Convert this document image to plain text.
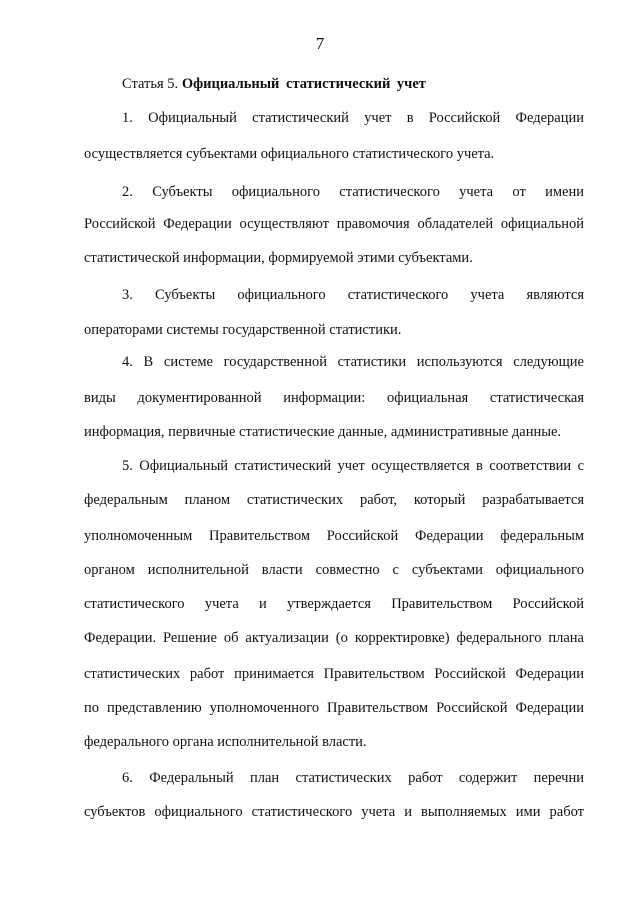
7
Статья 5. Официальный статистический учет
1. Официальный статистический учет в Российской Федерации
осуществляется субъектами официального статистического учета.
2. Субъекты официального статистического учета от имени
Российской Федерации осуществляют правомочия обладателей официальной
статистической информации, формируемой этими субъектами.
3. Субъекты официального статистического учета являются
операторами системы государственной статистики.
4. В системе государственной статистики используются следующие
виды документированной информации: официальная статистическая
информация, первичные статистические данные, административные данные.
5. Официальный статистический учет осуществляется в соответствии с
федеральным планом статистических работ, который разрабатывается
уполномоченным Правительством Российской Федерации федеральным
органом исполнительной власти совместно с субъектами официального
статистического учета и утверждается Правительством Российской
Федерации. Решение об актуализации (о корректировке) федерального плана
статистических работ принимается Правительством Российской Федерации
по представлению уполномоченного Правительством Российской Федерации
федерального органа исполнительной власти.
6. Федеральный план статистических работ содержит перечни
субъектов официального статистического учета и выполняемых ими работ
